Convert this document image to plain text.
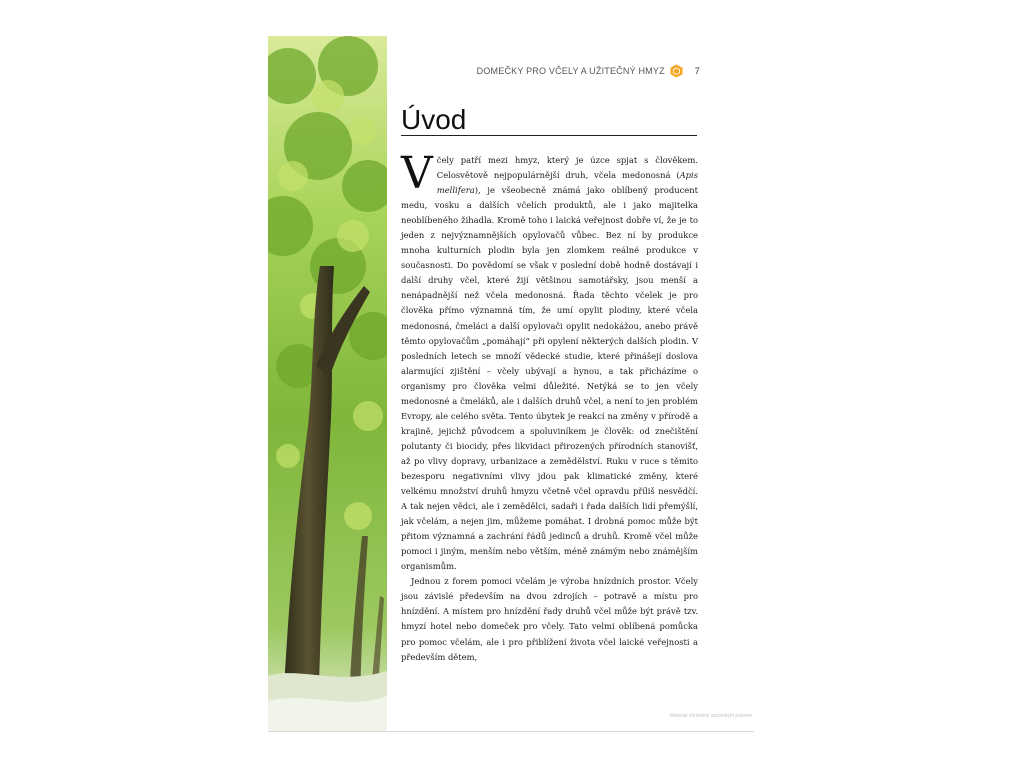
DOMEČKY PRO VČELY A UŽITEČNÝ HMYZ	7
Úvod

Včely patří mezi hmyz, který je úzce spjat s člověkem. Celosvětově nejpopulárnější druh, včela medonosná (Apis mellifera), je všeobecně známá jako oblíbený producent medu, vosku a dalších včelích produktů, ale i jako majitelka neoblíbeného žihadla. Kromě toho i laická veřejnost dobře ví, že je to jeden z nejvýznamnějších opylovačů vůbec. Bez ní by produkce mnoha kulturních plodin byla jen zlomkem reálné produkce v současnosti. Do povědomí se však v poslední době hodně dostávají i další druhy včel, které žijí většinou samotářsky, jsou menší a nenápadnější než včela medonosná. Řada těchto včelek je pro člověka přímo významná tím, že umí opylit plodiny, které včela medonosná, čmeláci a další opylovači opylit nedokážou, anebo právě těmto opylovačům „pomáhají“ při opylení některých dalších plodin. V posledních letech se množí vědecké studie, které přinášejí doslova alarmující zjištění – včely ubývají a hynou, a tak přicházíme o organismy pro člověka velmi důležité. Netýká se to jen včely medonosné a čmeláků, ale i dalších druhů včel, a není to jen problém Evropy, ale celého světa. Tento úbytek je reakcí na změny v přírodě a krajině, jejichž původcem a spoluviníkem je člověk: od znečištění polutanty či biocidy, přes likvidaci přirozených přírodních stanovišť, až po vlivy dopravy, urbanizace a zemědělství. Ruku v ruce s těmito bezesporu negativními vlivy jdou pak klimatické změny, které velkému množství druhů hmyzu včetně včel opravdu příliš nesvědčí. A tak nejen vědci, ale i zemědělci, sadaři i řada dalších lidí přemýšlí, jak včelám, a nejen jim, můžeme pomáhat. I drobná pomoc může být přitom významná a zachrání řádů jedinců a druhů. Kromě včel může pomoci i jiným, menším nebo větším, méně známým nebo známějším organismům.

Jednou z forem pomoci včelám je výroba hnízdních prostor. Včely jsou závislé především na dvou zdrojích – potravě a místu pro hnízdění. A místem pro hnízdění řady druhů včel může být právě tzv. hmyzí hotel nebo domeček pro včely. Tato velmi oblíbená pomůcka pro pomoc včelám, ale i pro přiblížení života včel laické veřejnosti a především dětem,

Materiál chráněný autorským právem
